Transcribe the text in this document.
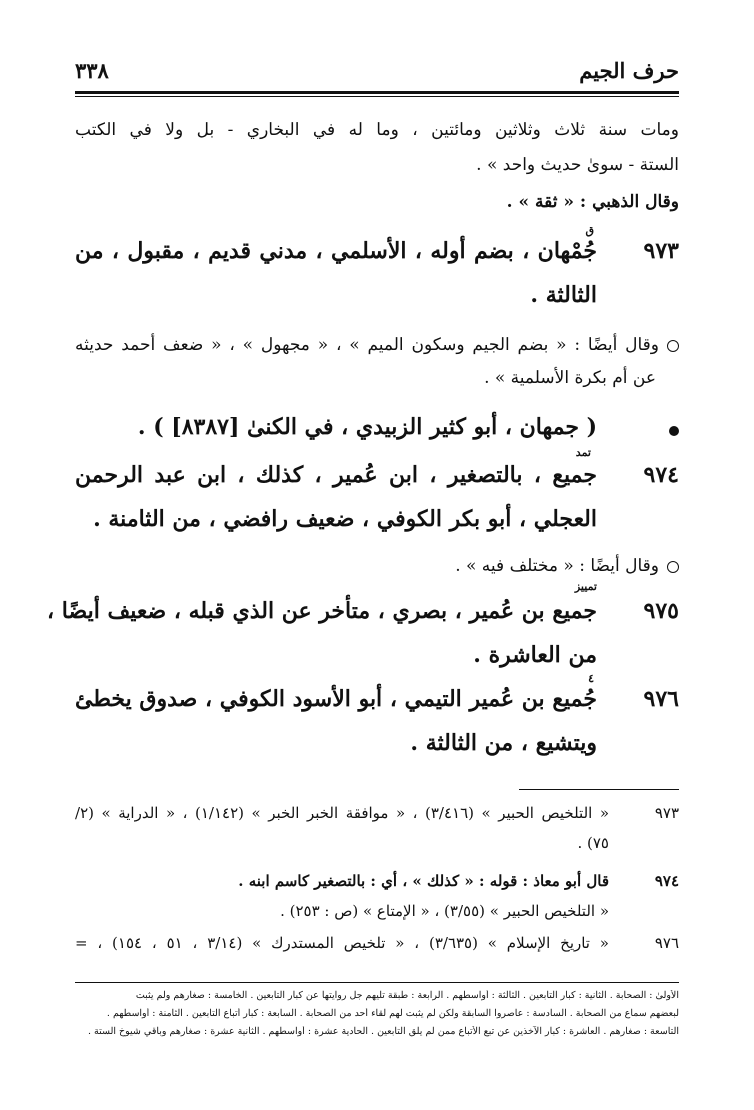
حرف الجيم
٣٣٨
ومات سنة ثلاث وثلاثين ومائتين ، وما له في البخاري - بل ولا في الكتب
الستة - سوىٰ حديث واحد » .
وقال الذهبي : « ثقة » .
٩٧٣
ق
جُمْهان ، بضم أوله ، الأسلمي ، مدني قديم ، مقبول ، من
الثالثة .
وقال أيضًا : « بضم الجيم وسكون الميم » ، « مجهول » ، « ضعف أحمد حديثه
عن أم بكرة الأسلمية » .
( جمهان ، أبو كثير الزبيدي ، في الكنىٰ [٨٣٨٧] ) .
٩٧٤
تمد
جميع ، بالتصغير ، ابن عُمير ، كذلك ، ابن عبد الرحمن
العجلي ، أبو بكر الكوفي ، ضعيف رافضي ، من الثامنة .
وقال أيضًا : « مختلف فيه » .
٩٧٥
تمييز
جميع بن عُمير ، بصري ، متأخر عن الذي قبله ، ضعيف أيضًا ،
من العاشرة .
٩٧٦
٤
جُميع بن عُمير التيمي ، أبو الأسود الكوفي ، صدوق يخطئ
ويتشيع ، من الثالثة .
٩٧٣
« التلخيص الحبير » (٣/٤١٦) ، « موافقة الخبر الخبر » (١/١٤٢) ، « الدراية » (٢/
٧٥) .
٩٧٤
قال أبو معاذ : قوله : « كذلك » ، أي : بالتصغير كاسم ابنه .
« التلخيص الحبير » (٣/٥٥) ، « الإمتاع » (ص : ٢٥٣) .
٩٧٦
« تاريخ الإسلام » (٣/٦٣٥) ، « تلخيص المستدرك » (٣/١٤ ، ٥١ ، ١٥٤) ، =
الأولىٰ : الصحابة . الثانية : كبار التابعين . الثالثة : أواسطهم . الرابعة : طبقة تليهم جل روايتها عن كبار التابعين . الخامسة : صغارهم ولم يثبت
لبعضهم سماع من الصحابة . السادسة : عاصروا السابقة ولكن لم يثبت لهم لقاء أحد من الصحابة . السابعة : كبار أتباع التابعين . الثامنة : أواسطهم .
التاسعة : صغارهم . العاشرة : كبار الآخذين عن تبع الأتباع ممن لم يلق التابعين . الحادية عشرة : أواسطهم . الثانية عشرة : صغارهم وباقي شيوخ الستة .
